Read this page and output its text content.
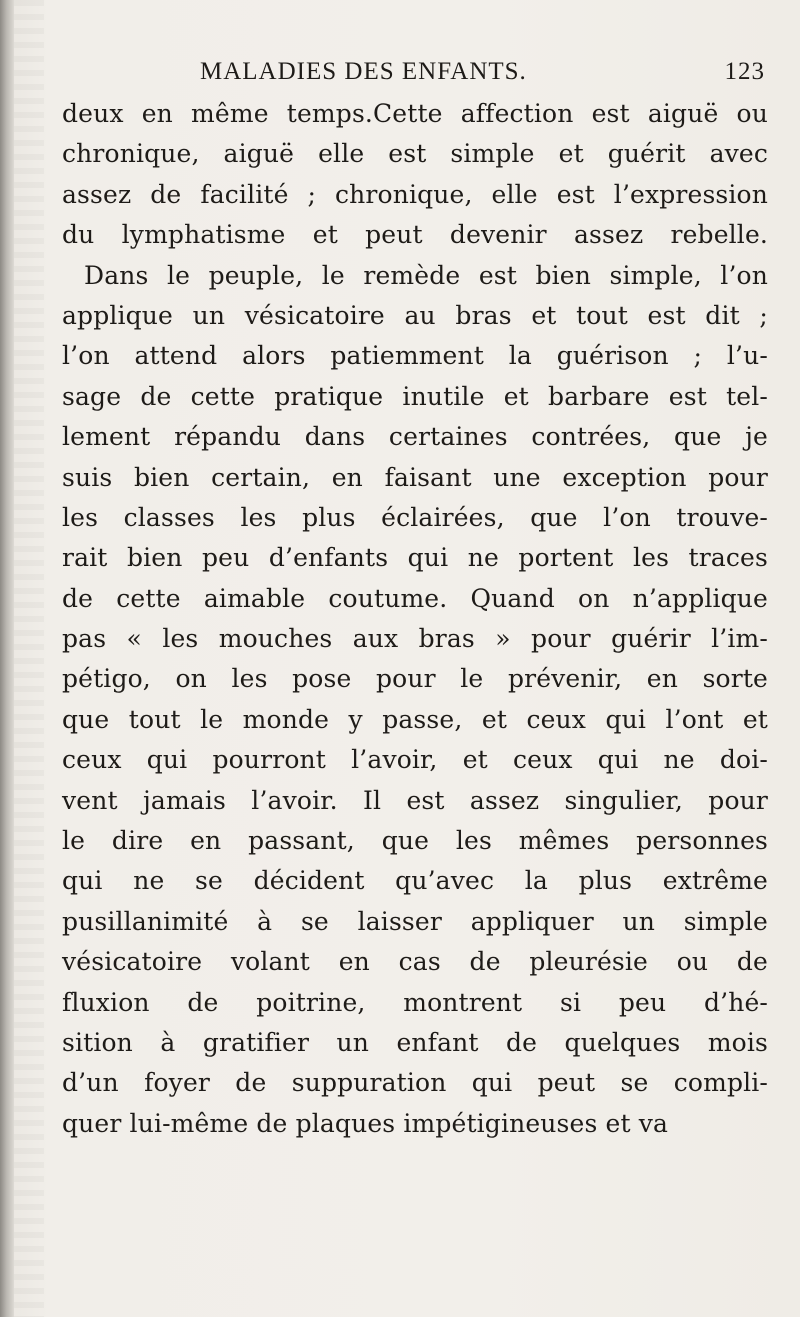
MALADIES DES ENFANTS.	123
deux en même temps.Cette affection est aiguë ou
chronique, aiguë elle est simple et guérit avec
assez de facilité ; chronique, elle est l’expression
du lymphatisme et peut devenir assez rebelle.
Dans le peuple, le remède est bien simple, l’on
applique un vésicatoire au bras et tout est dit ;
l’on attend alors patiemment la guérison ; l’u-
sage de cette pratique inutile et barbare est tel-
lement répandu dans certaines contrées, que je
suis bien certain, en faisant une exception pour
les classes les plus éclairées, que l’on trouve-
rait bien peu d’enfants qui ne portent les traces
de cette aimable coutume. Quand on n’applique
pas « les mouches aux bras » pour guérir l’im-
pétigo, on les pose pour le prévenir, en sorte
que tout le monde y passe, et ceux qui l’ont et
ceux qui pourront l’avoir, et ceux qui ne doi-
vent jamais l’avoir. Il est assez singulier, pour
le dire en passant, que les mêmes personnes
qui ne se décident qu’avec la plus extrême
pusillanimité à se laisser appliquer un simple
vésicatoire volant en cas de pleurésie ou de
fluxion de poitrine, montrent si peu d’hé-
sition à gratifier un enfant de quelques mois
d’un foyer de suppuration qui peut se compli-
quer lui-même de plaques impétigineuses et va
